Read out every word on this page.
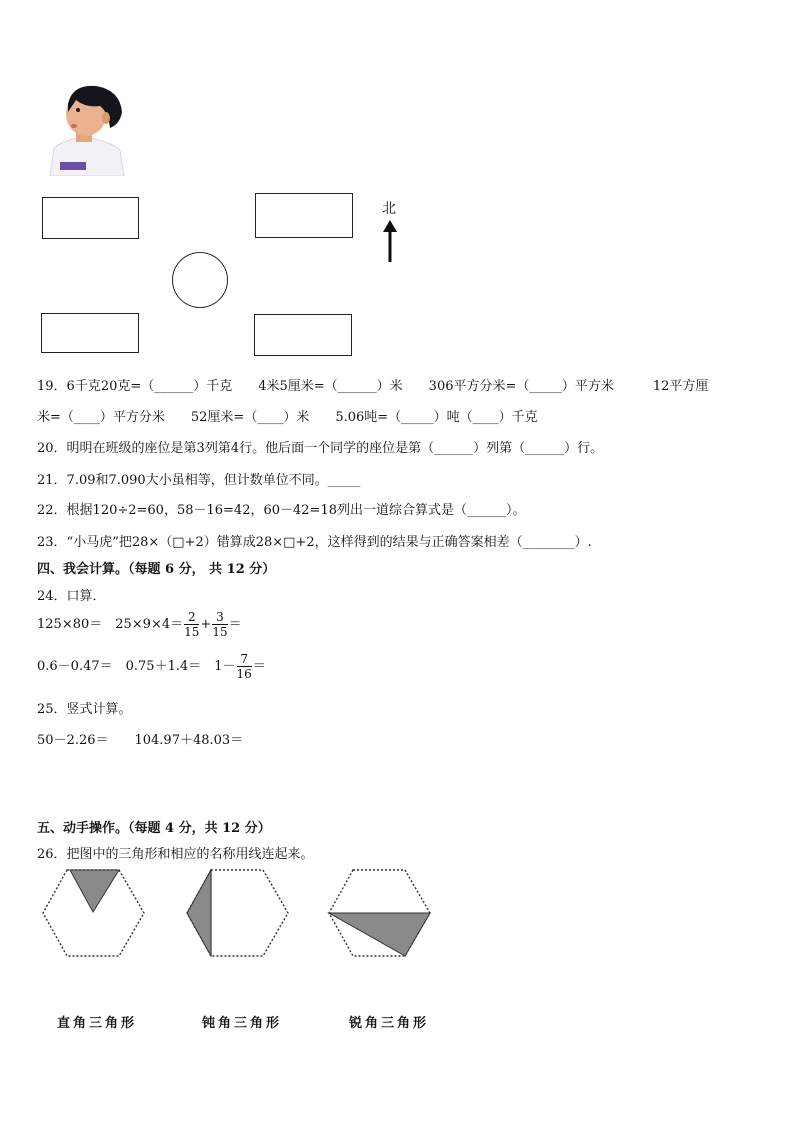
北
19．6千克20克=（______）千克　　4米5厘米=（______）米　　306平方分米=（_____）平方米　　　12平方厘
米=（____）平方分米　　52厘米=（____）米　　5.06吨=（_____）吨（____）千克
20．明明在班级的座位是第3列第4行。他后面一个同学的座位是第（______）列第（______）行。
21．7.09和7.090大小虽相等，但计数单位不同。_____
22．根据120÷2=60，58－16=42，60－42=18列出一道综合算式是（______）。
23．“小马虎”把28×（□+2）错算成28×□+2，这样得到的结果与正确答案相差（________）.
四、我会计算。（每题 6 分， 共 12 分）
24．口算．
125×80＝　$25\times 9\times 4= \frac{2}{15} + \frac{3}{15}$ ＝
0.6－0.47＝　0.75＋1.4＝　$1- \frac{7}{16}$ ＝
25．竖式计算。
50－2.26＝　　104.97＋48.03＝
五、动手操作。（每题 4 分，共 12 分）
26．把图中的三角形和相应的名称用线连起来。
直角三角形	钝角三角形	锐角三角形
